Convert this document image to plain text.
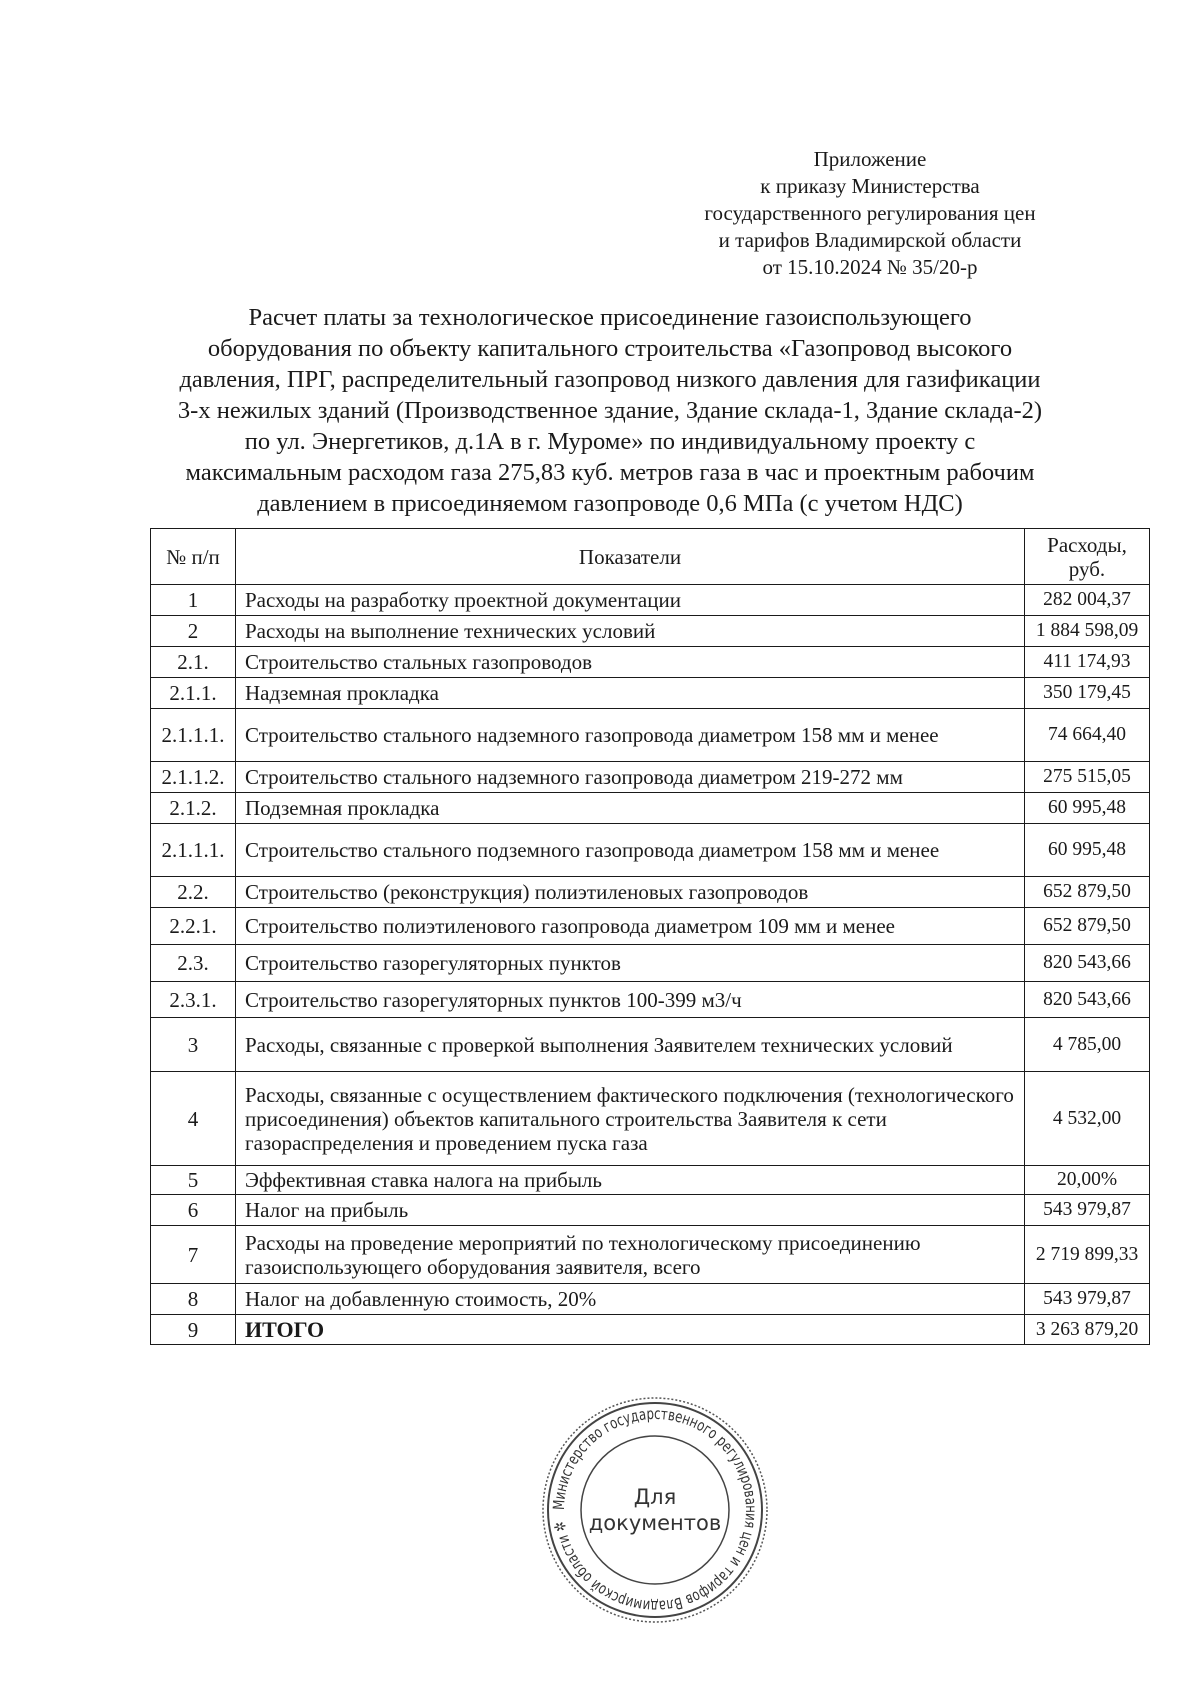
Приложение
к приказу Министерства
государственного регулирования цен
и тарифов Владимирской области
от 15.10.2024 № 35/20-р
Расчет платы за технологическое присоединение газоиспользующего
оборудования по объекту капитального строительства «Газопровод высокого
давления, ПРГ, распределительный газопровод низкого давления для газификации
3-х нежилых зданий (Производственное здание, Здание склада-1, Здание склада-2)
по ул. Энергетиков, д.1А в г. Муроме» по индивидуальному проекту с
максимальным расходом газа 275,83 куб. метров газа в час и проектным рабочим
давлением в присоединяемом газопроводе 0,6 МПа (с учетом НДС)
№ п/п	Показатели	Расходы, руб.
1	Расходы на разработку проектной документации	282 004,37
2	Расходы на выполнение технических условий	1 884 598,09
2.1.	Строительство стальных газопроводов	411 174,93
2.1.1.	Надземная прокладка	350 179,45
2.1.1.1.	Строительство стального надземного газопровода диаметром 158 мм и менее	74 664,40
2.1.1.2.	Строительство стального надземного газопровода диаметром 219-272 мм	275 515,05
2.1.2.	Подземная прокладка	60 995,48
2.1.1.1.	Строительство стального подземного газопровода диаметром 158 мм и менее	60 995,48
2.2.	Строительство (реконструкция) полиэтиленовых газопроводов	652 879,50
2.2.1.	Строительство полиэтиленового газопровода диаметром 109 мм и менее	652 879,50
2.3.	Строительство газорегуляторных пунктов	820 543,66
2.3.1.	Строительство газорегуляторных пунктов 100-399 м3/ч	820 543,66
3	Расходы, связанные с проверкой выполнения Заявителем технических условий	4 785,00
4	Расходы, связанные с осуществлением фактического подключения (технологического присоединения) объектов капитального строительства Заявителя к сети газораспределения и проведением пуска газа	4 532,00
5	Эффективная ставка налога на прибыль	20,00%
6	Налог на прибыль	543 979,87
7	Расходы на проведение мероприятий по технологическому присоединению газоиспользующего оборудования заявителя, всего	2 719 899,33
8	Налог на добавленную стоимость, 20%	543 979,87
9	ИТОГО	3 263 879,20
Министерство государственного регулирования цен и тарифов Владимирской области ✲
Для
документов
